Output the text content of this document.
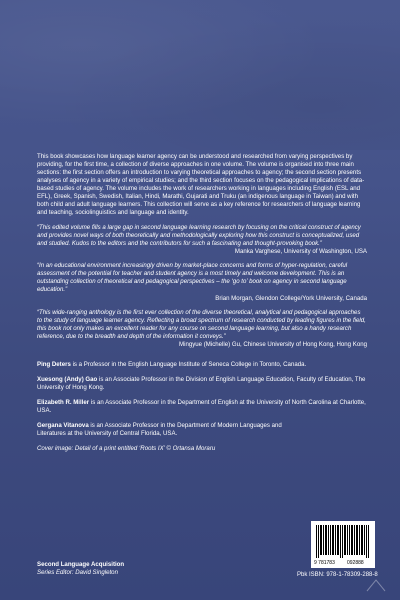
This book showcases how language learner agency can be understood and researched from varying perspectives by providing, for the first time, a collection of diverse approaches in one volume. The volume is organised into three main sections: the first section offers an introduction to varying theoretical approaches to agency; the second section presents analyses of agency in a variety of empirical studies; and the third section focuses on the pedagogical implications of data-based studies of agency. The volume includes the work of researchers working in languages including English (ESL and EFL), Greek, Spanish, Swedish, Italian, Hindi, Marathi, Gujarati and Truku (an indigenous language in Taiwan) and with both child and adult language learners. This collection will serve as a key reference for researchers of language learning and teaching, sociolinguistics and language and identity.

“This edited volume fills a large gap in second language learning research by focusing on the critical construct of agency and provides novel ways of both theoretically and methodologically exploring how this construct is conceptualized, used and studied. Kudos to the editors and the contributors for such a fascinating and thought-provoking book.”

Manka Varghese, University of Washington, USA

“In an educational environment increasingly driven by market-place concerns and forms of hyper-regulation, careful assessment of the potential for teacher and student agency is a most timely and welcome development. This is an outstanding collection of theoretical and pedagogical perspectives – the ‘go to’ book on agency in second language education.”

Brian Morgan, Glendon College/York University, Canada

“This wide-ranging anthology is the first ever collection of the diverse theoretical, analytical and pedagogical approaches to the study of language learner agency. Reflecting a broad spectrum of research conducted by leading figures in the field, this book not only makes an excellent reader for any course on second language learning, but also a handy research reference, due to the breadth and depth of the information it conveys.”

Mingyue (Michelle) Gu, Chinese University of Hong Kong, Hong Kong

Ping Deters is a Professor in the English Language Institute of Seneca College in Toronto, Canada.

Xuesong (Andy) Gao is an Associate Professor in the Division of English Language Education, Faculty of Education, The University of Hong Kong.

Elizabeth R. Miller is an Associate Professor in the Department of English at the University of North Carolina at Charlotte, USA.

Gergana Vitanova is an Associate Professor in the Department of Modern Languages and Literatures at the University of Central Florida, USA.

Cover image: Detail of a print entitled ‘Roots IX’ © Ortansa Moraru

Second Language Acquisition
Series Editor: David Singleton
9 781783 092888
Pbk ISBN: 978-1-78309-288-8
